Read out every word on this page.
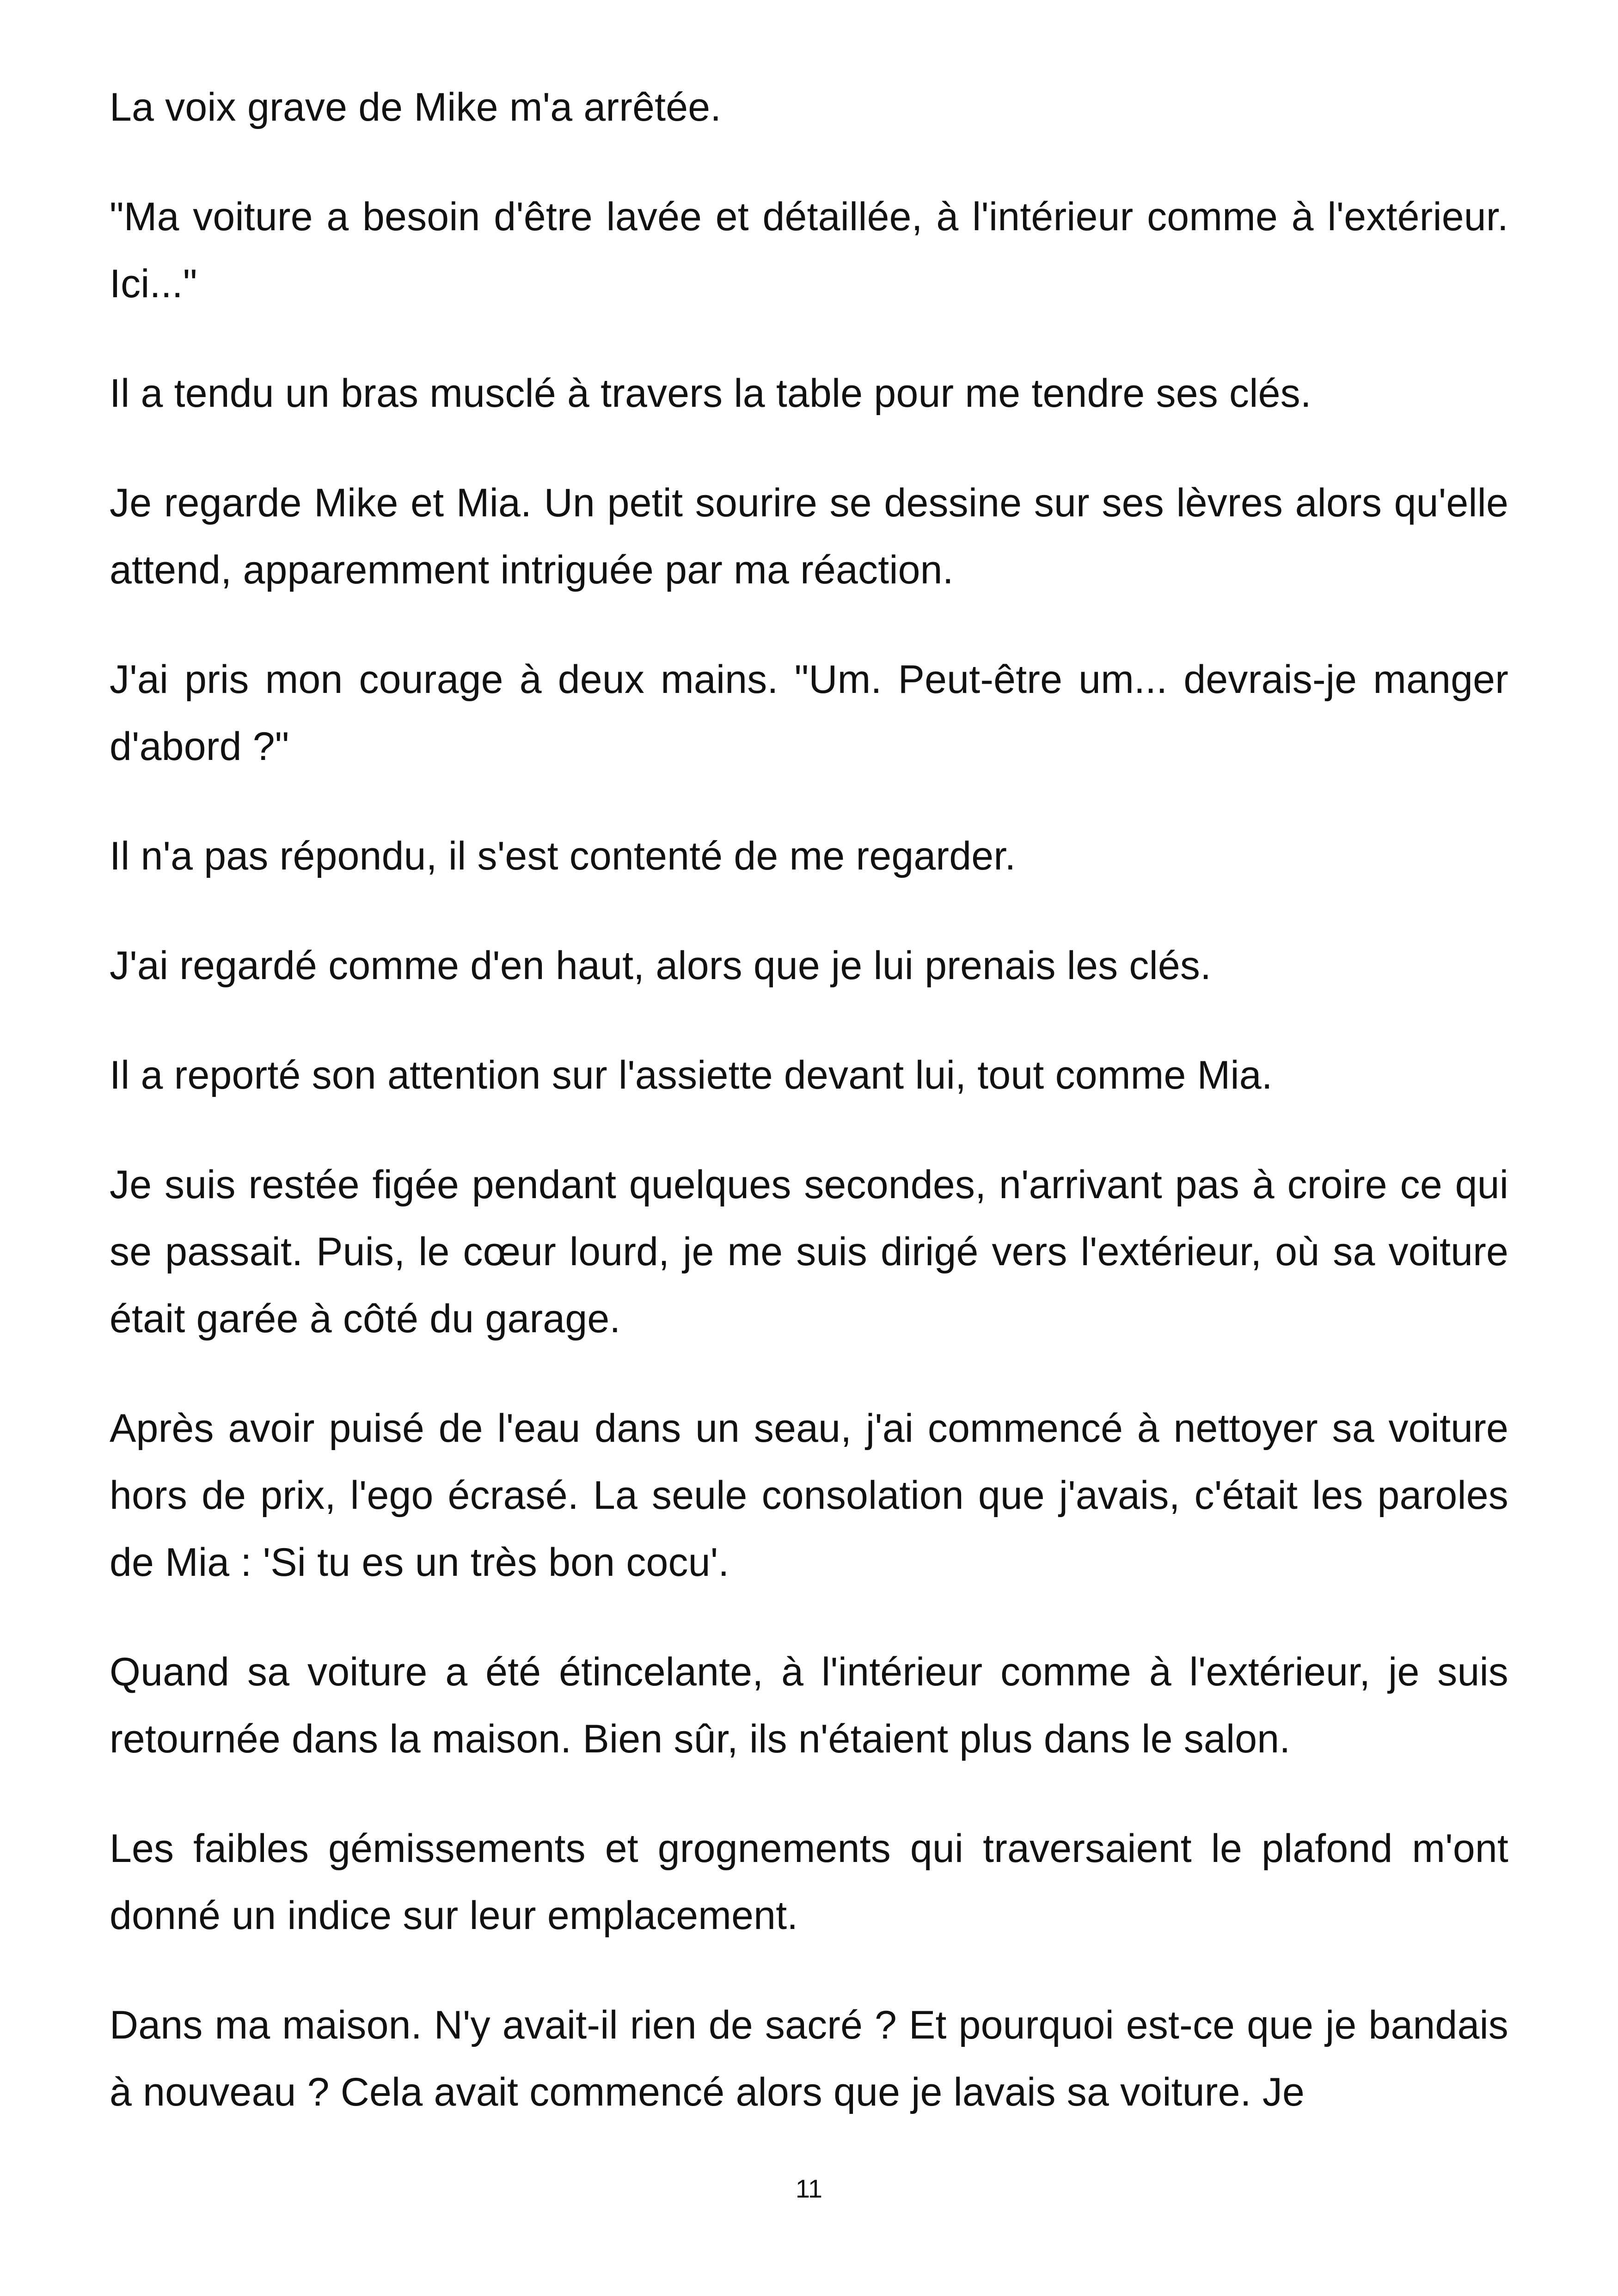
La voix grave de Mike m'a arrêtée.

"Ma voiture a besoin d'être lavée et détaillée, à l'intérieur comme à l'extérieur. Ici..."

Il a tendu un bras musclé à travers la table pour me tendre ses clés.

Je regarde Mike et Mia. Un petit sourire se dessine sur ses lèvres alors qu'elle attend, apparemment intriguée par ma réaction.

J'ai pris mon courage à deux mains. "Um. Peut-être um... devrais-je manger d'abord ?"

Il n'a pas répondu, il s'est contenté de me regarder.

J'ai regardé comme d'en haut, alors que je lui prenais les clés.

Il a reporté son attention sur l'assiette devant lui, tout comme Mia.

Je suis restée figée pendant quelques secondes, n'arrivant pas à croire ce qui se passait. Puis, le cœur lourd, je me suis dirigé vers l'extérieur, où sa voiture était garée à côté du garage.

Après avoir puisé de l'eau dans un seau, j'ai commencé à nettoyer sa voiture hors de prix, l'ego écrasé. La seule consolation que j'avais, c'était les paroles de Mia : 'Si tu es un très bon cocu'.

Quand sa voiture a été étincelante, à l'intérieur comme à l'extérieur, je suis retournée dans la maison. Bien sûr, ils n'étaient plus dans le salon.

Les faibles gémissements et grognements qui traversaient le plafond m'ont donné un indice sur leur emplacement.

Dans ma maison. N'y avait-il rien de sacré ? Et pourquoi est-ce que je bandais à nouveau ? Cela avait commencé alors que je lavais sa voiture. Je

11
